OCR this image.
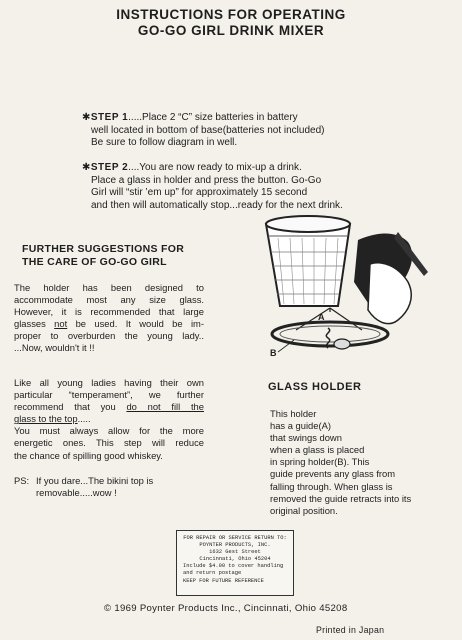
INSTRUCTIONS FOR OPERATING
GO-GO GIRL DRINK MIXER
✱STEP 1.....Place 2 “C” size batteries in battery
well located in bottom of base(batteries not included)
Be sure to follow diagram in well.
✱STEP 2....You are now ready to mix-up a drink.
Place a glass in holder and press the button. Go-Go
Girl will “stir ’em up” for approximately 15 second
and then will automatically stop...ready for the next drink.
FURTHER SUGGESTIONS FOR
THE CARE OF GO-GO GIRL
The holder has been designed to
accommodate most any size glass.
However, it is recommended that large
glasses not be used. It would be im-
proper to overburden the young lady..
...Now, wouldn't it !!
Like all young ladies having their own
particular “temperament”, we further
recommend that you do not fill the
glass to the top.....
You must always allow for the more
energetic ones. This step will reduce
the chance of spilling good whiskey.
PS: If you dare...The bikini top is
removable.....wow !
A
B
GLASS HOLDER
This holder
has a guide(A)
that swings down
when a glass is placed
in spring holder(B). This
guide prevents any glass from
falling through. When glass is
removed the guide retracts into its
original position.
FOR REPAIR OR SERVICE RETURN TO:
POYNTER PRODUCTS, INC.
1632 Gest Street
Cincinnati, Ohio 45204
Include $4.00 to cover handling
and return postage
KEEP FOR FUTURE REFERENCE
© 1969 Poynter Products Inc., Cincinnati, Ohio 45208
Printed in Japan
